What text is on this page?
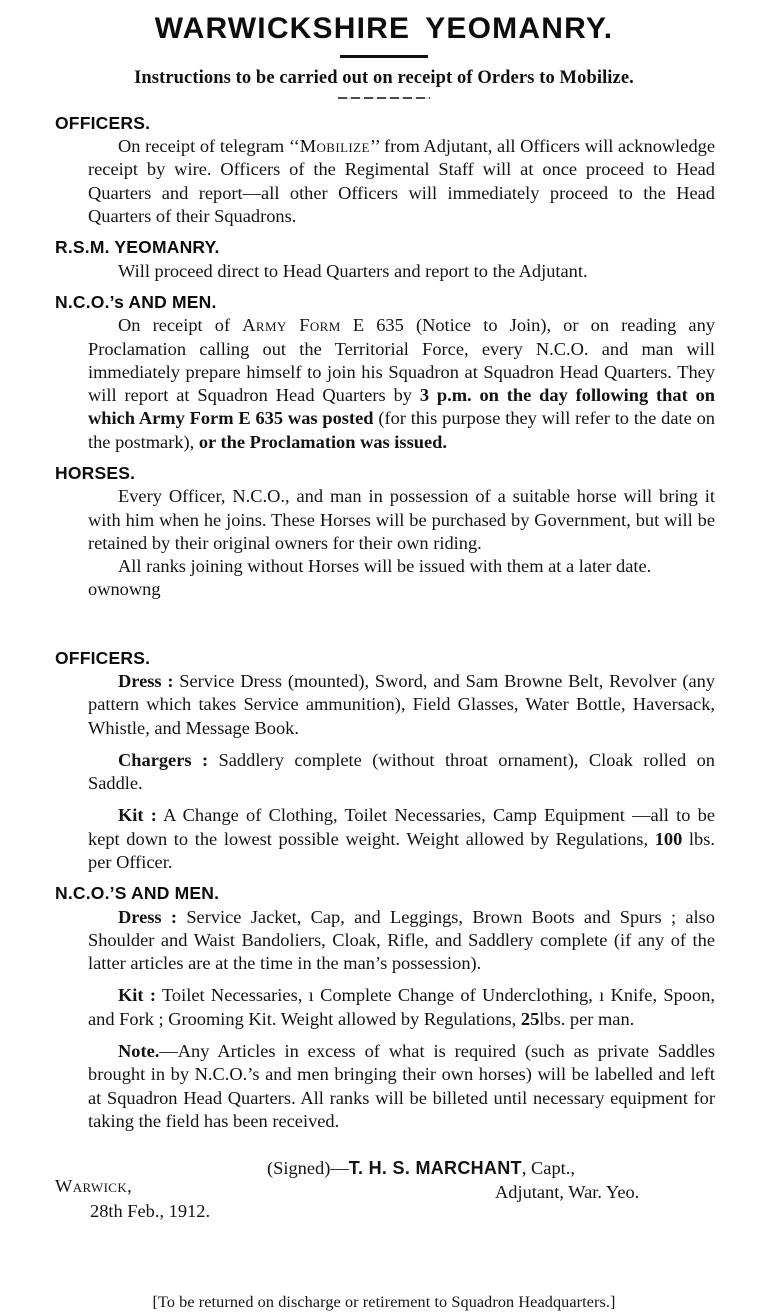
WARWICKSHIRE YEOMANRY.
Instructions to be carried out on receipt of Orders to Mobilize.
OFFICERS.

On receipt of telegram ‘‘Mobilize’’ from Adjutant, all Officers will acknowledge receipt by wire. Officers of the Regimental Staff will at once proceed to Head Quarters and report—all other Officers will immediately proceed to the Head Quarters of their Squadrons.

R.S.M. YEOMANRY.

Will proceed direct to Head Quarters and report to the Adjutant.

N.C.O.’s AND MEN.

On receipt of Army Form E 635 (Notice to Join), or on reading any Proclamation calling out the Territorial Force, every N.C.O. and man will immediately prepare himself to join his Squadron at Squadron Head Quarters. They will report at Squadron Head Quarters by 3 p.m. on the day following that on which Army Form E 635 was posted (for this purpose they will refer to the date on the postmark), or the Proclamation was issued.

HORSES.

Every Officer, N.C.O., and man in possession of a suitable horse will bring it with him when he joins. These Horses will be purchased by Government, but will be retained by their original owners for their own riding.

All ranks joining without Horses will be issued with them at a later date.

ownowng

OFFICERS.

Dress : Service Dress (mounted), Sword, and Sam Browne Belt, Revolver (any pattern which takes Service ammunition), Field Glasses, Water Bottle, Haversack, Whistle, and Message Book.

Chargers : Saddlery complete (without throat ornament), Cloak rolled on Saddle.

Kit : A Change of Clothing, Toilet Necessaries, Camp Equipment —all to be kept down to the lowest possible weight. Weight allowed by Regulations, 100 lbs. per Officer.

N.C.O.’S AND MEN.

Dress : Service Jacket, Cap, and Leggings, Brown Boots and Spurs ; also Shoulder and Waist Bandoliers, Cloak, Rifle, and Saddlery complete (if any of the latter articles are at the time in the man’s possession).

Kit : Toilet Necessaries, ı Complete Change of Underclothing, ı Knife, Spoon, and Fork ; Grooming Kit. Weight allowed by Regulations, 25lbs. per man.

Note.—Any Articles in excess of what is required (such as private Saddles brought in by N.C.O.’s and men bringing their own horses) will be labelled and left at Squadron Head Quarters. All ranks will be billeted until necessary equipment for taking the field has been received.

(Signed)—T. H. S. MARCHANT, Capt.,
Adjutant, War. Yeo.
Warwick,
28th Feb., 1912.
[To be returned on discharge or retirement to Squadron Headquarters.]
